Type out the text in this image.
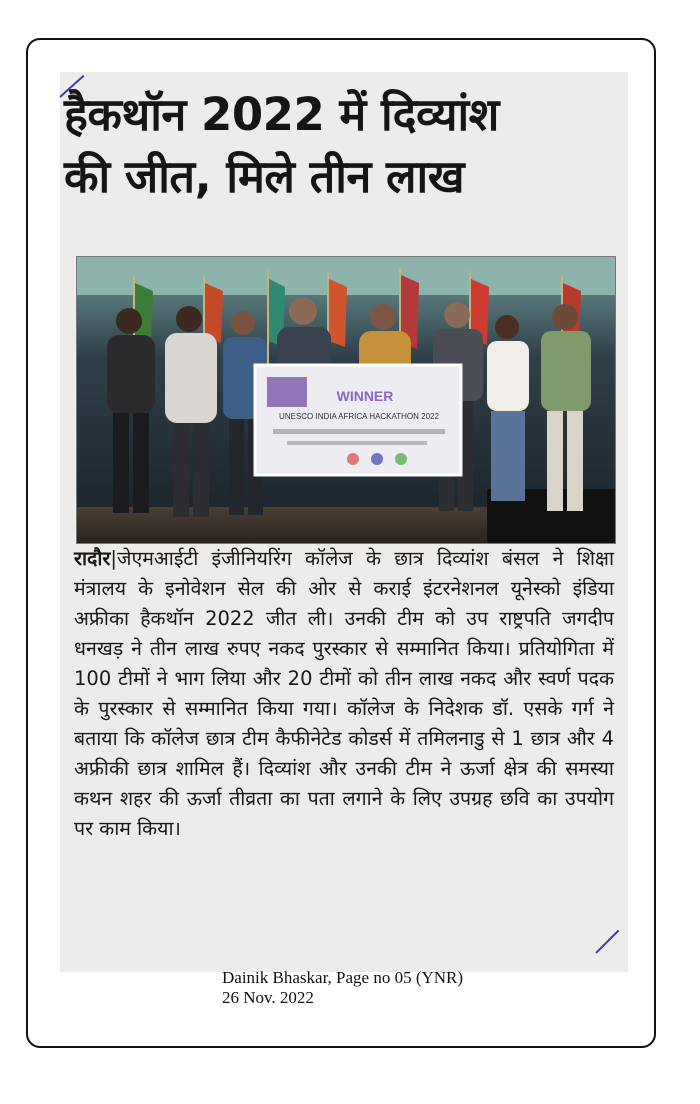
हैकथॉन 2022 में दिव्यांश
की जीत, मिले तीन लाख
WINNER
UNESCO INDIA AFRICA HACKATHON 2022

रादौर|जेएमआईटी इंजीनियरिंग कॉलेज के छात्र दिव्यांश बंसल ने शिक्षा मंत्रालय के इनोवेशन सेल की ओर से कराई इंटरनेशनल यूनेस्को इंडिया अफ्रीका हैकथॉन 2022 जीत ली। उनकी टीम को उप राष्ट्रपति जगदीप धनखड़ ने तीन लाख रुपए नकद पुरस्कार से सम्मानित किया। प्रतियोगिता में 100 टीमों ने भाग लिया और 20 टीमों को तीन लाख नकद और स्वर्ण पदक के पुरस्कार से सम्मानित किया गया। कॉलेज के निदेशक डॉ. एसके गर्ग ने बताया कि कॉलेज छात्र टीम कैफीनेटेड कोडर्स में तमिलनाडु से 1 छात्र और 4 अफ्रीकी छात्र शामिल हैं। दिव्यांश और उनकी टीम ने ऊर्जा क्षेत्र की समस्या कथन शहर की ऊर्जा तीव्रता का पता लगाने के लिए उपग्रह छवि का उपयोग पर काम किया।

Dainik Bhaskar, Page no 05 (YNR)
26 Nov. 2022
